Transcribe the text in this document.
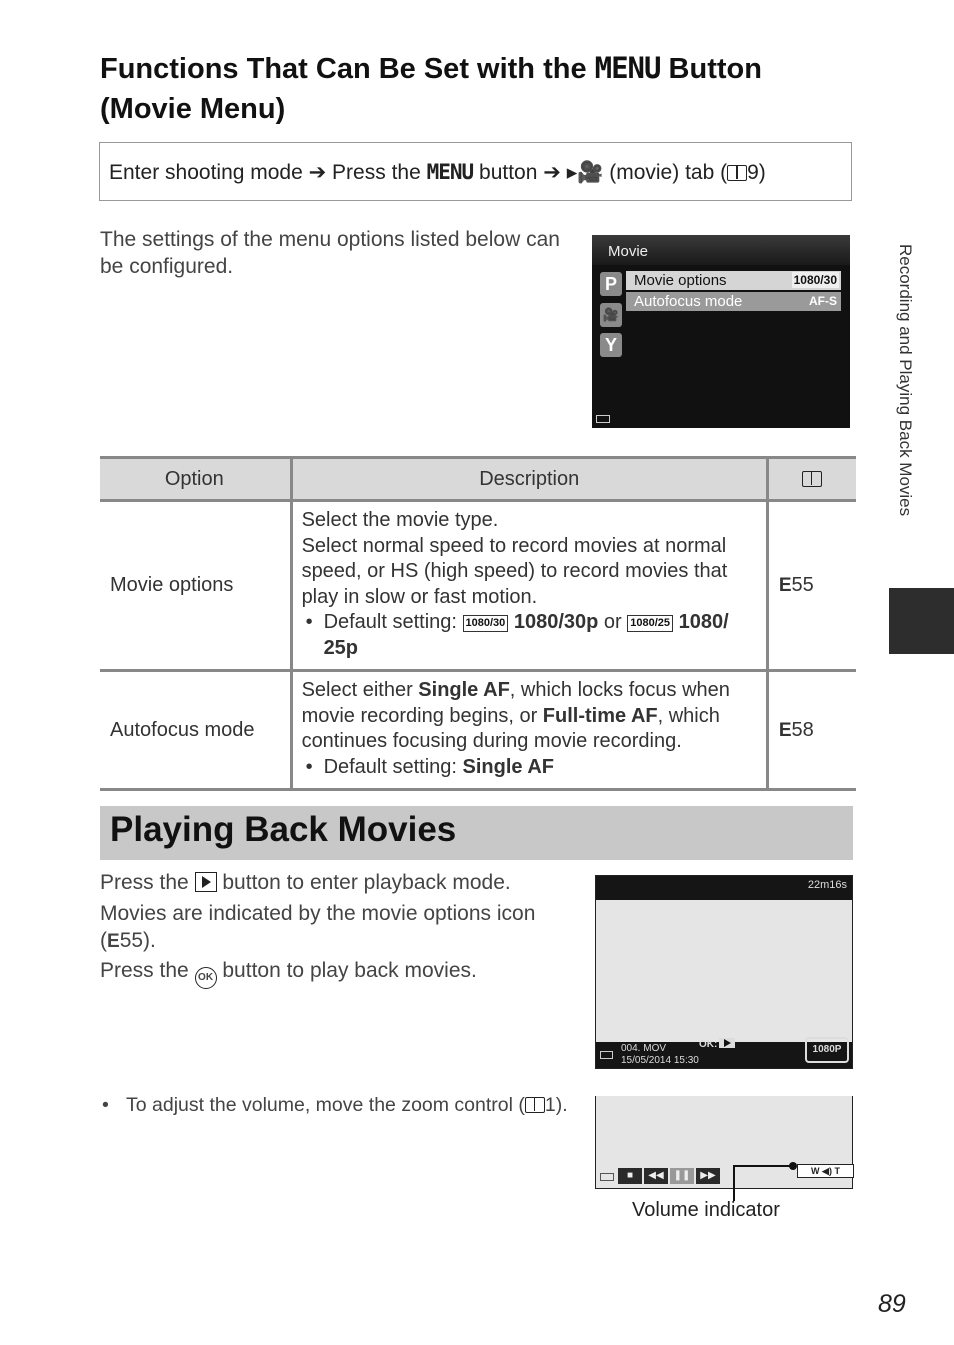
Functions That Can Be Set with the MENU Button
(Movie Menu)
Enter shooting mode ➔ Press the MENU button ➔ ▸🎥 (movie) tab ( 9)
The settings of the menu options listed below can be configured.
Movie
P
🎥
Y
Movie options	1080/30
Autofocus mode	AF-S
Option	Description	
Movie options	Select the movie type.
Select normal speed to record movies at normal speed, or HS (high speed) to record movies that play in slow or fast motion.
• Default setting: 1080/30 1080/30p or 1080/25 1080/ 25p	E55
Autofocus mode	Select either Single AF, which locks focus when movie recording begins, or Full-time AF, which continues focusing during movie recording.
• Default setting: Single AF	E58
Playing Back Movies
Press the  button to enter playback mode.
Movies are indicated by the movie options icon (E55).
Press the OK button to play back movies.
• To adjust the volume, move the zoom control ( 1).
22m16s
004. MOV
15/05/2014 15:30
OK:	1080P
■	◀◀ ❚❚ ▶▶	W ◀) T
Volume indicator
Recording and Playing Back Movies
89
